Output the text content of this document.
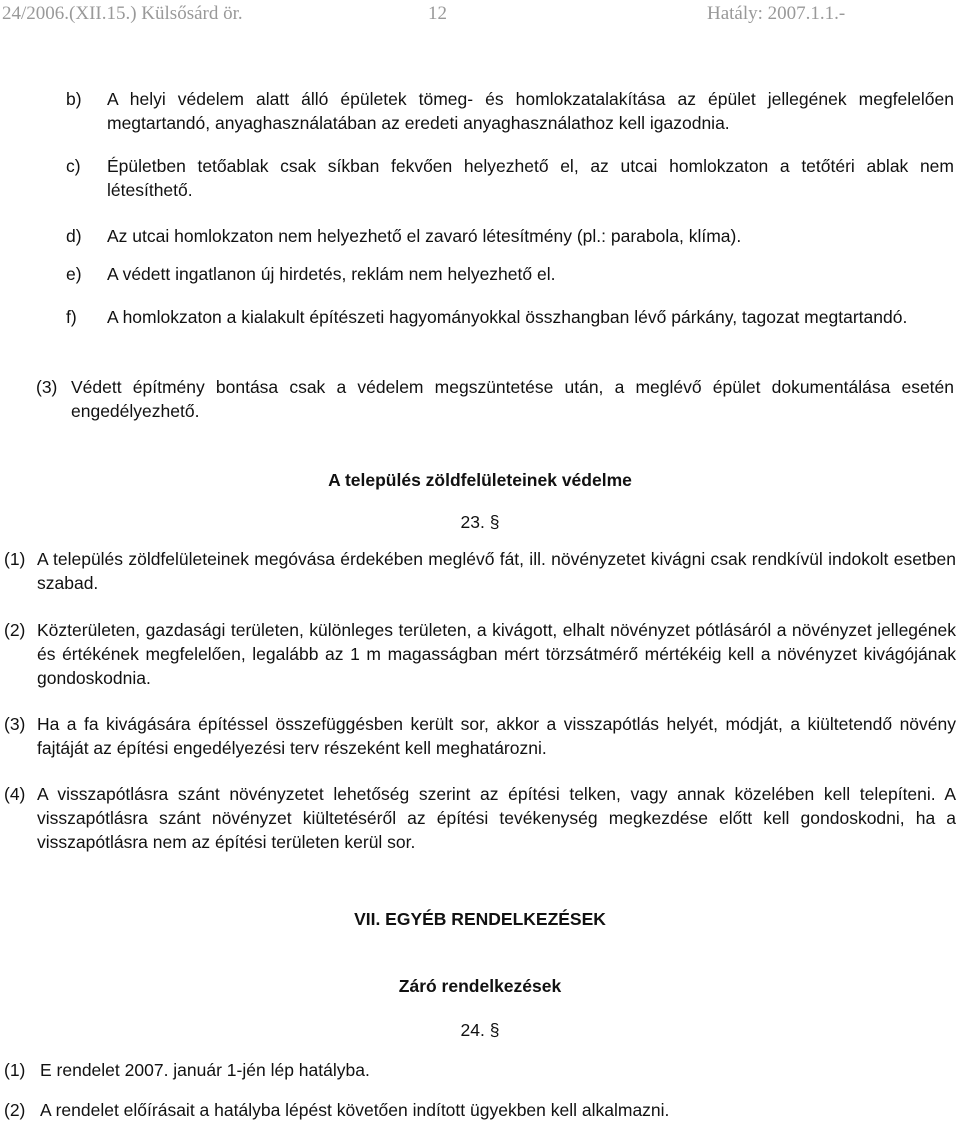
24/2006.(XII.15.) Külsősárd ör.	12	Hatály: 2007.1.1.-
b) A helyi védelem alatt álló épületek tömeg- és homlokzatalakítása az épület jellegének megfelelően megtartandó, anyaghasználatában az eredeti anyaghasználathoz kell igazodnia.
c) Épületben tetőablak csak síkban fekvően helyezhető el, az utcai homlokzaton a tetőtéri ablak nem létesíthető.
d) Az utcai homlokzaton nem helyezhető el zavaró létesítmény (pl.: parabola, klíma).
e) A védett ingatlanon új hirdetés, reklám nem helyezhető el.
f) A homlokzaton a kialakult építészeti hagyományokkal összhangban lévő párkány, tagozat megtartandó.
(3) Védett építmény bontása csak a védelem megszüntetése után, a meglévő épület dokumentálása esetén engedélyezhető.
A település zöldfelületeinek védelme
23. §
(1) A település zöldfelületeinek megóvása érdekében meglévő fát, ill. növényzetet kivágni csak rendkívül indokolt esetben szabad.
(2) Közterületen, gazdasági területen, különleges területen, a kivágott, elhalt növényzet pótlásáról a növényzet jellegének és értékének megfelelően, legalább az 1 m magasságban mért törzsátmérő mértékéig kell a növényzet kivágójának gondoskodnia.
(3) Ha a fa kivágására építéssel összefüggésben került sor, akkor a visszapótlás helyét, módját, a kiültetendő növény fajtáját az építési engedélyezési terv részeként kell meghatározni.
(4) A visszapótlásra szánt növényzetet lehetőség szerint az építési telken, vagy annak közelében kell telepíteni. A visszapótlásra szánt növényzet kiültetéséről az építési tevékenység megkezdése előtt kell gondoskodni, ha a visszapótlásra nem az építési területen kerül sor.
VII. EGYÉB RENDELKEZÉSEK
Záró rendelkezések
24. §
(1) E rendelet 2007. január 1-jén lép hatályba.
(2) A rendelet előírásait a hatályba lépést követően indított ügyekben kell alkalmazni.
